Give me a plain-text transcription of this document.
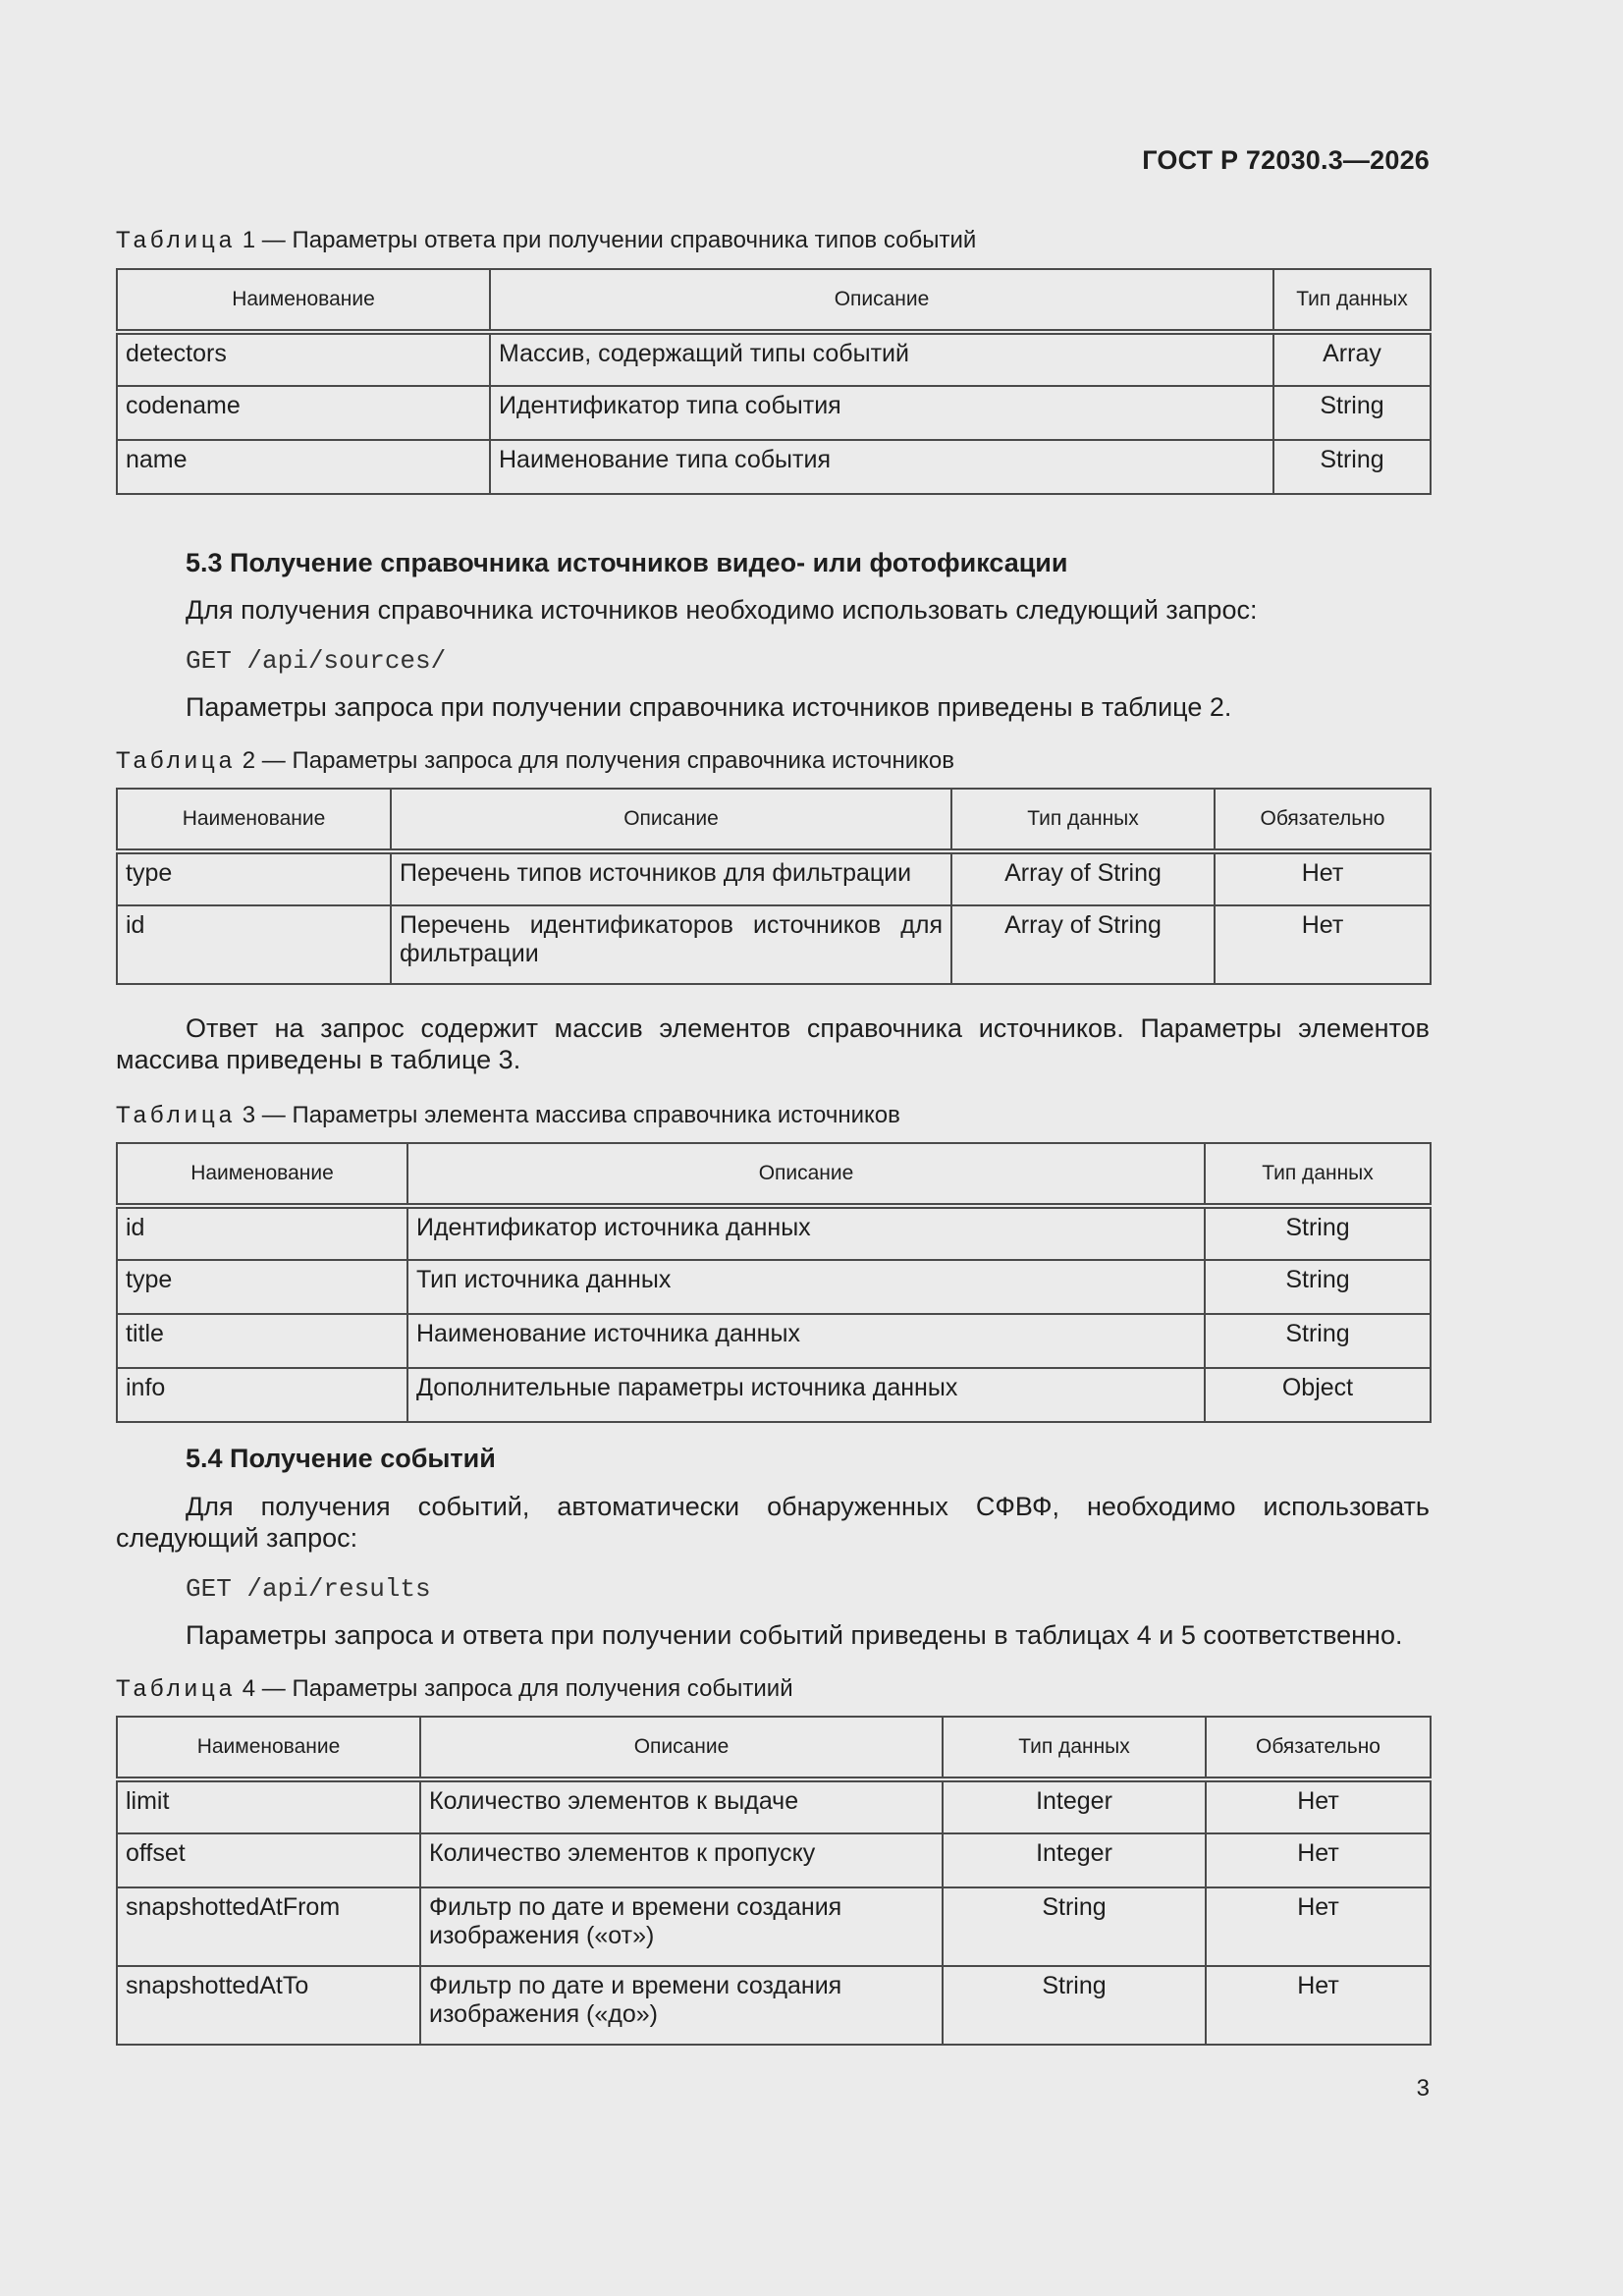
ГОСТ Р 72030.3—2026
Таблица 1 — Параметры ответа при получении справочника типов событий
Наименование	Описание	Тип данных
detectors	Массив, содержащий типы событий	Array
codename	Идентификатор типа события	String
name	Наименование типа события	String
5.3 Получение справочника источников видео- или фотофиксации
Для получения справочника источников необходимо использовать следующий запрос:
GET /api/sources/
Параметры запроса при получении справочника источников приведены в таблице 2.
Таблица 2 — Параметры запроса для получения справочника источников
Наименование	Описание	Тип данных	Обязательно
type	Перечень типов источников для фильтрации	Array of String	Нет
id	Перечень идентификаторов источников для фильтрации	Array of String	Нет
Ответ на запрос содержит массив элементов справочника источников. Параметры элементов массива приведены в таблице 3.
Таблица 3 — Параметры элемента массива справочника источников
Наименование	Описание	Тип данных
id	Идентификатор источника данных	String
type	Тип источника данных	String
title	Наименование источника данных	String
info	Дополнительные параметры источника данных	Object
5.4 Получение событий
Для получения событий, автоматически обнаруженных СФВФ, необходимо использовать следующий запрос:
GET /api/results
Параметры запроса и ответа при получении событий приведены в таблицах 4 и 5 соответственно.
Таблица 4 — Параметры запроса для получения событиий
Наименование	Описание	Тип данных	Обязательно
limit	Количество элементов к выдаче	Integer	Нет
offset	Количество элементов к пропуску	Integer	Нет
snapshottedAtFrom	Фильтр по дате и времени создания изображения («от»)	String	Нет
snapshottedAtTo	Фильтр по дате и времени создания изображения («до»)	String	Нет
3
